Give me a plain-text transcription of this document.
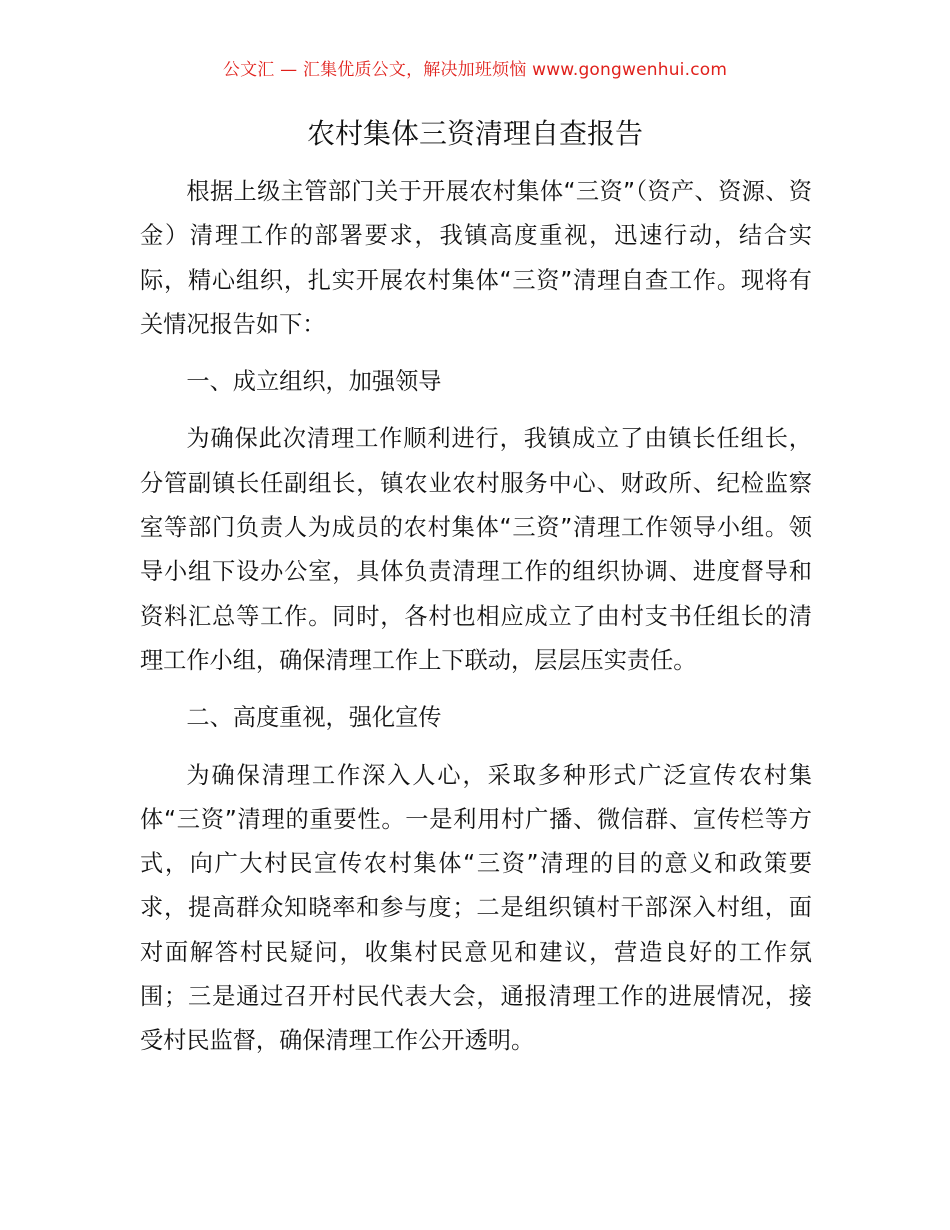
公文汇 — 汇集优质公文，解决加班烦恼 www.gongwenhui.com
农村集体三资清理自查报告

根据上级主管部门关于开展农村集体“三资”（资产、资源、资金）清理工作的部署要求，我镇高度重视，迅速行动，结合实际，精心组织，扎实开展农村集体“三资”清理自查工作。现将有关情况报告如下：

一、成立组织，加强领导

为确保此次清理工作顺利进行，我镇成立了由镇长任组长，分管副镇长任副组长，镇农业农村服务中心、财政所、纪检监察室等部门负责人为成员的农村集体“三资”清理工作领导小组。领导小组下设办公室，具体负责清理工作的组织协调、进度督导和资料汇总等工作。同时，各村也相应成立了由村支书任组长的清理工作小组，确保清理工作上下联动，层层压实责任。

二、高度重视，强化宣传

为确保清理工作深入人心，采取多种形式广泛宣传农村集体“三资”清理的重要性。一是利用村广播、微信群、宣传栏等方式，向广大村民宣传农村集体“三资”清理的目的意义和政策要求，提高群众知晓率和参与度；二是组织镇村干部深入村组，面对面解答村民疑问，收集村民意见和建议，营造良好的工作氛围；三是通过召开村民代表大会，通报清理工作的进展情况，接受村民监督，确保清理工作公开透明。
